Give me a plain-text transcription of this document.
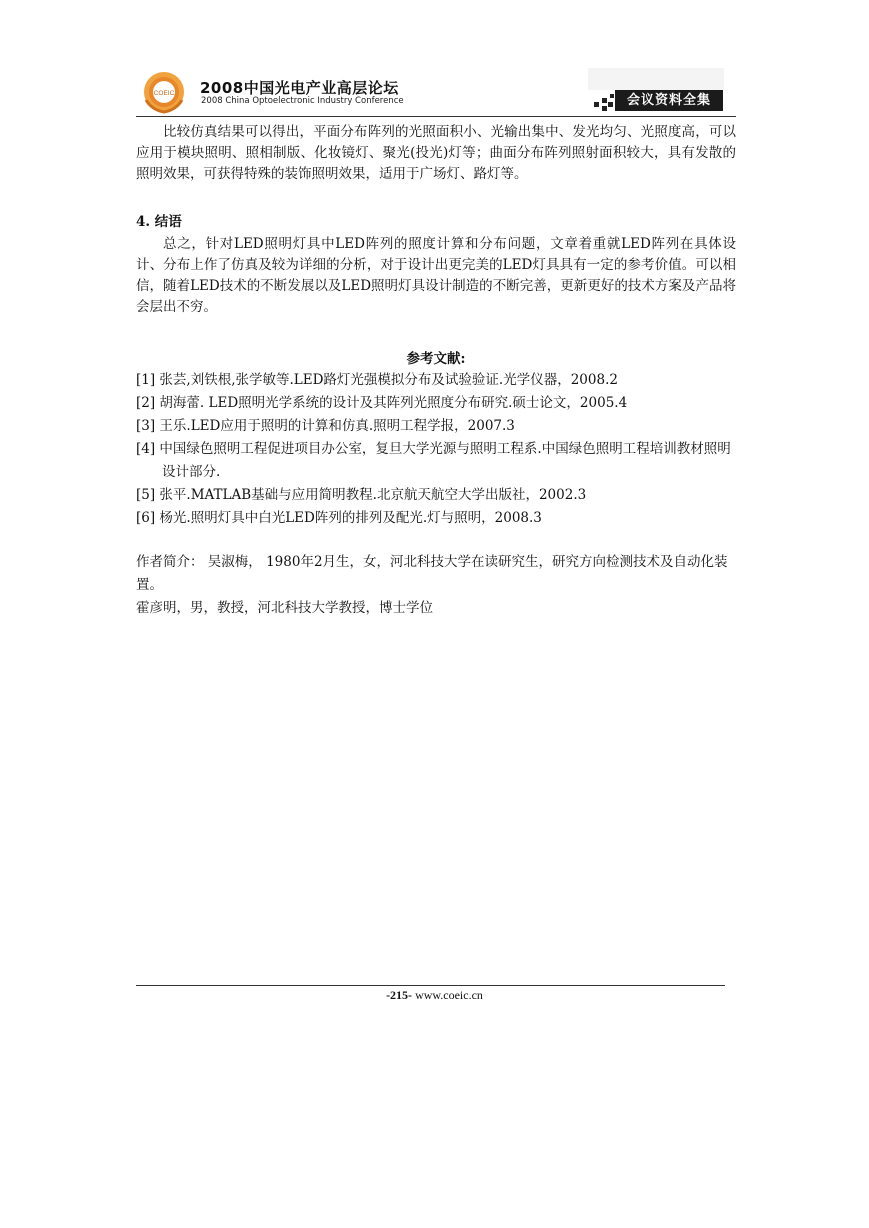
COEIC 2008中国光电产业高层论坛
2008 China Optoelectronic Industry Conference	会议资料全集

比较仿真结果可以得出，平面分布阵列的光照面积小、光输出集中、发光均匀、光照度高，可以应用于模块照明、照相制版、化妆镜灯、聚光(投光)灯等；曲面分布阵列照射面积较大，具有发散的照明效果，可获得特殊的装饰照明效果，适用于广场灯、路灯等。

4. 结语

总之，针对LED照明灯具中LED阵列的照度计算和分布问题，文章着重就LED阵列在具体设计、分布上作了仿真及较为详细的分析，对于设计出更完美的LED灯具具有一定的参考价值。可以相信，随着LED技术的不断发展以及LED照明灯具设计制造的不断完善，更新更好的技术方案及产品将会层出不穷。

参考文献:

[1] 张芸,刘铁根,张学敏等.LED路灯光强模拟分布及试验验证.光学仪器，2008.2

[2] 胡海蕾. LED照明光学系统的设计及其阵列光照度分布研究.硕士论文，2005.4

[3] 王乐.LED应用于照明的计算和仿真.照明工程学报，2007.3

[4] 中国绿色照明工程促进项目办公室，复旦大学光源与照明工程系.中国绿色照明工程培训教材照明设计部分.

[5] 张平.MATLAB基础与应用简明教程.北京航天航空大学出版社，2002.3

[6] 杨光.照明灯具中白光LED阵列的排列及配光.灯与照明，2008.3

作者简介： 吴淑梅， 1980年2月生，女，河北科技大学在读研究生，研究方向检测技术及自动化装置。

霍彦明，男，教授，河北科技大学教授，博士学位

-215- www.coeic.cn
